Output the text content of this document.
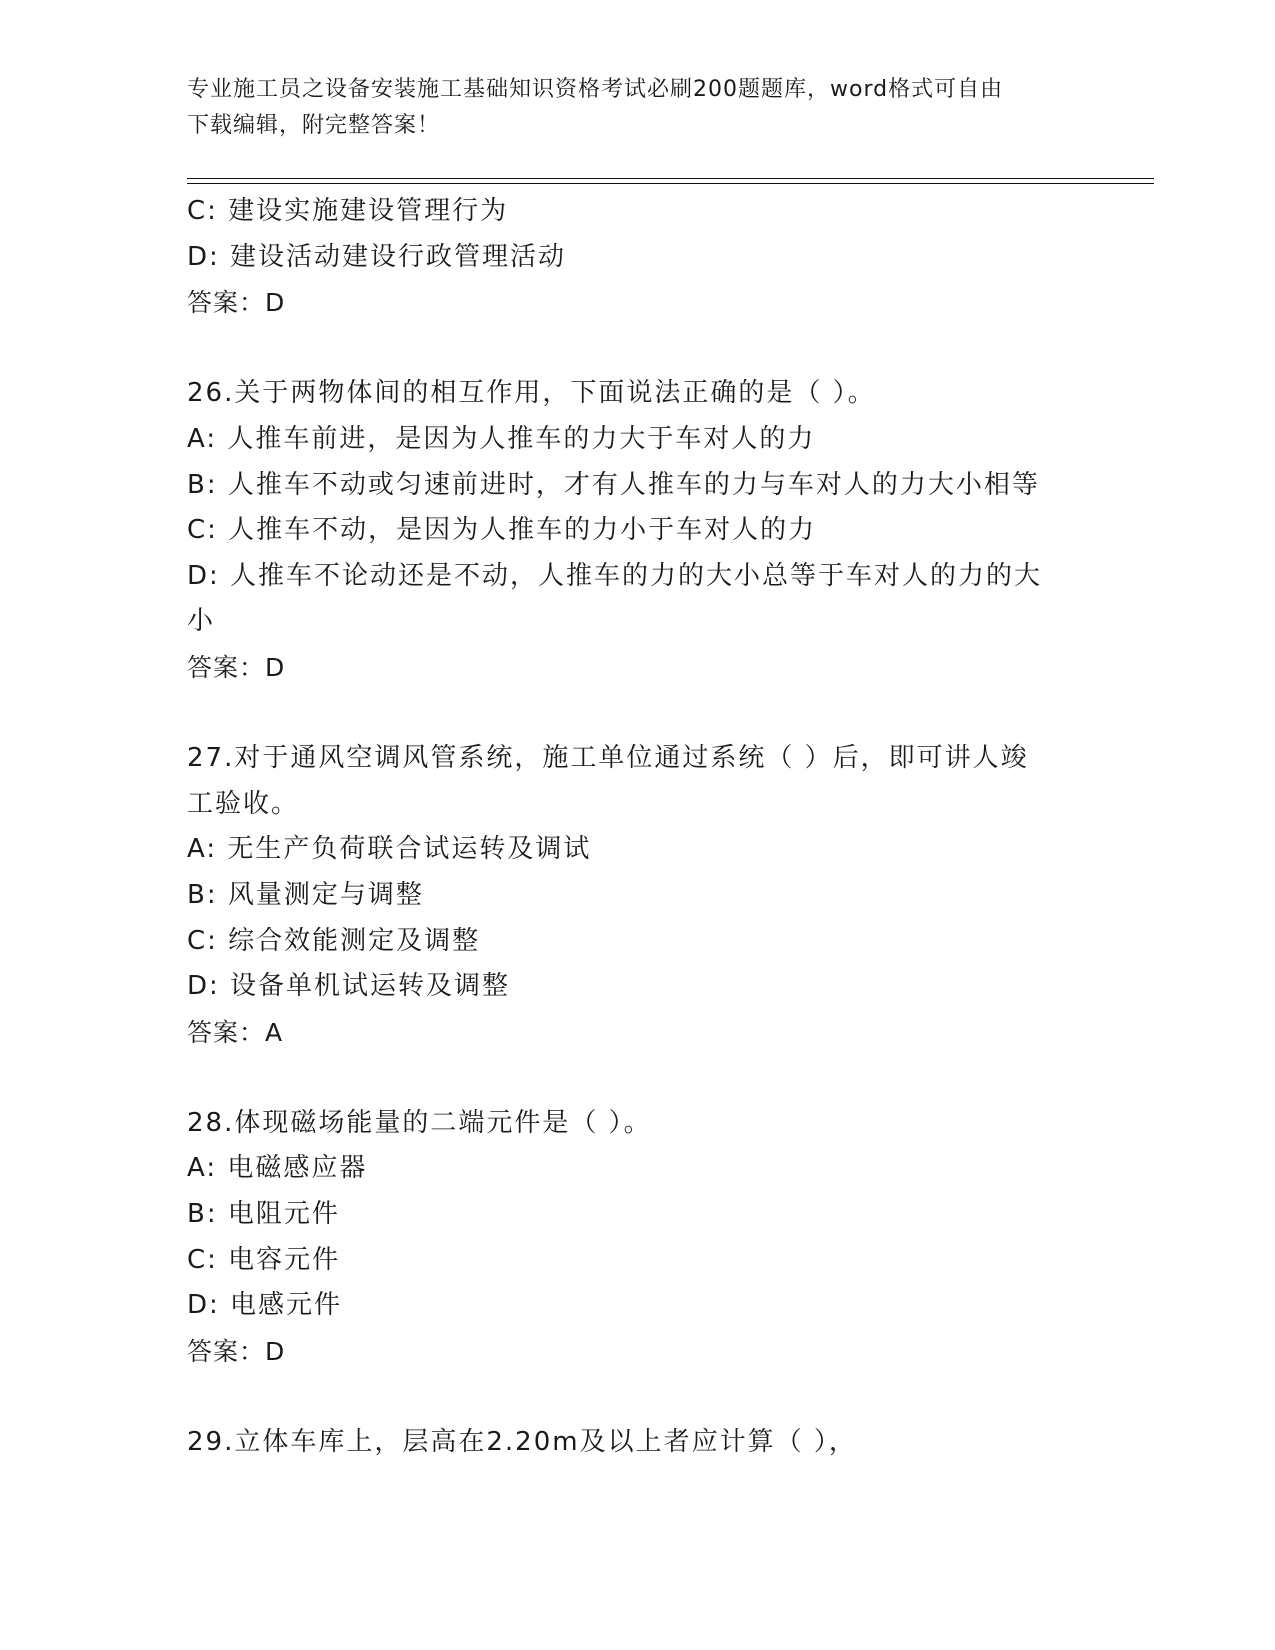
专业施工员之设备安装施工基础知识资格考试必刷200题题库，word格式可自由
下载编辑，附完整答案！
C: 建设实施建设管理行为
D: 建设活动建设行政管理活动
答案：D
26.关于两物体间的相互作用，下面说法正确的是（ ）。
A: 人推车前进，是因为人推车的力大于车对人的力
B: 人推车不动或匀速前进时，才有人推车的力与车对人的力大小相等
C: 人推车不动，是因为人推车的力小于车对人的力
D: 人推车不论动还是不动，人推车的力的大小总等于车对人的力的大
小
答案：D
27.对于通风空调风管系统，施工单位通过系统（ ）后，即可讲人竣
工验收。
A: 无生产负荷联合试运转及调试
B: 风量测定与调整
C: 综合效能测定及调整
D: 设备单机试运转及调整
答案：A
28.体现磁场能量的二端元件是（ ）。
A: 电磁感应器
B: 电阻元件
C: 电容元件
D: 电感元件
答案：D
29.立体车库上，层高在2.20m及以上者应计算（ ），
